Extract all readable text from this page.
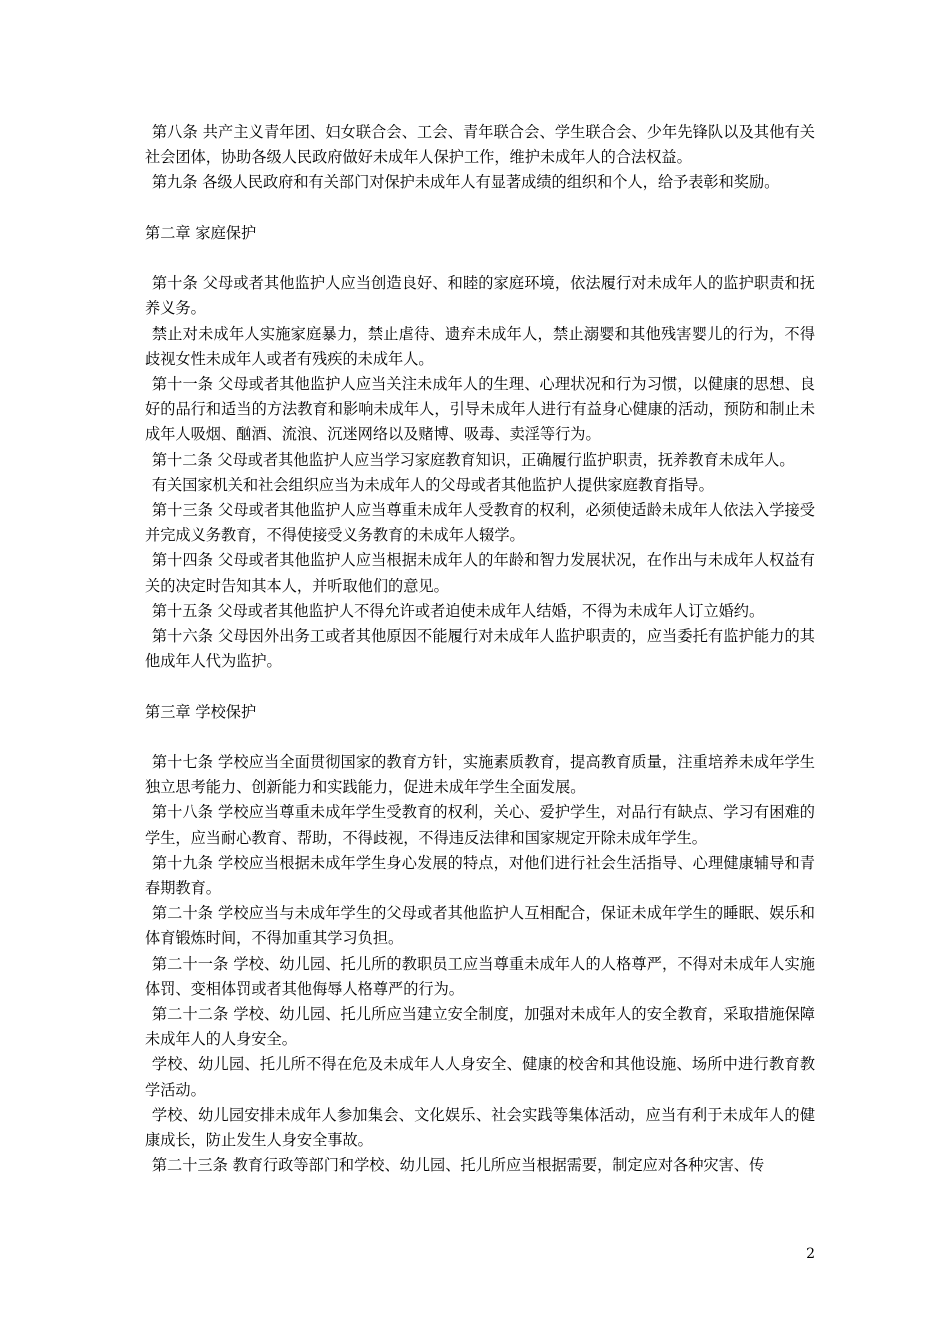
第八条 共产主义青年团、妇女联合会、工会、青年联合会、学生联合会、少年先锋队以及其他有关社会团体，协助各级人民政府做好未成年人保护工作，维护未成年人的合法权益。
第九条 各级人民政府和有关部门对保护未成年人有显著成绩的组织和个人，给予表彰和奖励。
第二章 家庭保护
第十条 父母或者其他监护人应当创造良好、和睦的家庭环境，依法履行对未成年人的监护职责和抚养义务。
禁止对未成年人实施家庭暴力，禁止虐待、遗弃未成年人，禁止溺婴和其他残害婴儿的行为，不得歧视女性未成年人或者有残疾的未成年人。
第十一条 父母或者其他监护人应当关注未成年人的生理、心理状况和行为习惯，以健康的思想、良好的品行和适当的方法教育和影响未成年人，引导未成年人进行有益身心健康的活动，预防和制止未成年人吸烟、酗酒、流浪、沉迷网络以及赌博、吸毒、卖淫等行为。
第十二条 父母或者其他监护人应当学习家庭教育知识，正确履行监护职责，抚养教育未成年人。
有关国家机关和社会组织应当为未成年人的父母或者其他监护人提供家庭教育指导。
第十三条 父母或者其他监护人应当尊重未成年人受教育的权利，必须使适龄未成年人依法入学接受并完成义务教育，不得使接受义务教育的未成年人辍学。
第十四条 父母或者其他监护人应当根据未成年人的年龄和智力发展状况，在作出与未成年人权益有关的决定时告知其本人，并听取他们的意见。
第十五条 父母或者其他监护人不得允许或者迫使未成年人结婚，不得为未成年人订立婚约。
第十六条 父母因外出务工或者其他原因不能履行对未成年人监护职责的，应当委托有监护能力的其他成年人代为监护。
第三章 学校保护
第十七条 学校应当全面贯彻国家的教育方针，实施素质教育，提高教育质量，注重培养未成年学生独立思考能力、创新能力和实践能力，促进未成年学生全面发展。
第十八条 学校应当尊重未成年学生受教育的权利，关心、爱护学生，对品行有缺点、学习有困难的学生，应当耐心教育、帮助，不得歧视，不得违反法律和国家规定开除未成年学生。
第十九条 学校应当根据未成年学生身心发展的特点，对他们进行社会生活指导、心理健康辅导和青春期教育。
第二十条 学校应当与未成年学生的父母或者其他监护人互相配合，保证未成年学生的睡眠、娱乐和体育锻炼时间，不得加重其学习负担。
第二十一条 学校、幼儿园、托儿所的教职员工应当尊重未成年人的人格尊严，不得对未成年人实施体罚、变相体罚或者其他侮辱人格尊严的行为。
第二十二条 学校、幼儿园、托儿所应当建立安全制度，加强对未成年人的安全教育，采取措施保障未成年人的人身安全。
学校、幼儿园、托儿所不得在危及未成年人人身安全、健康的校舍和其他设施、场所中进行教育教学活动。
学校、幼儿园安排未成年人参加集会、文化娱乐、社会实践等集体活动，应当有利于未成年人的健康成长，防止发生人身安全事故。
第二十三条 教育行政等部门和学校、幼儿园、托儿所应当根据需要，制定应对各种灾害、传
2
